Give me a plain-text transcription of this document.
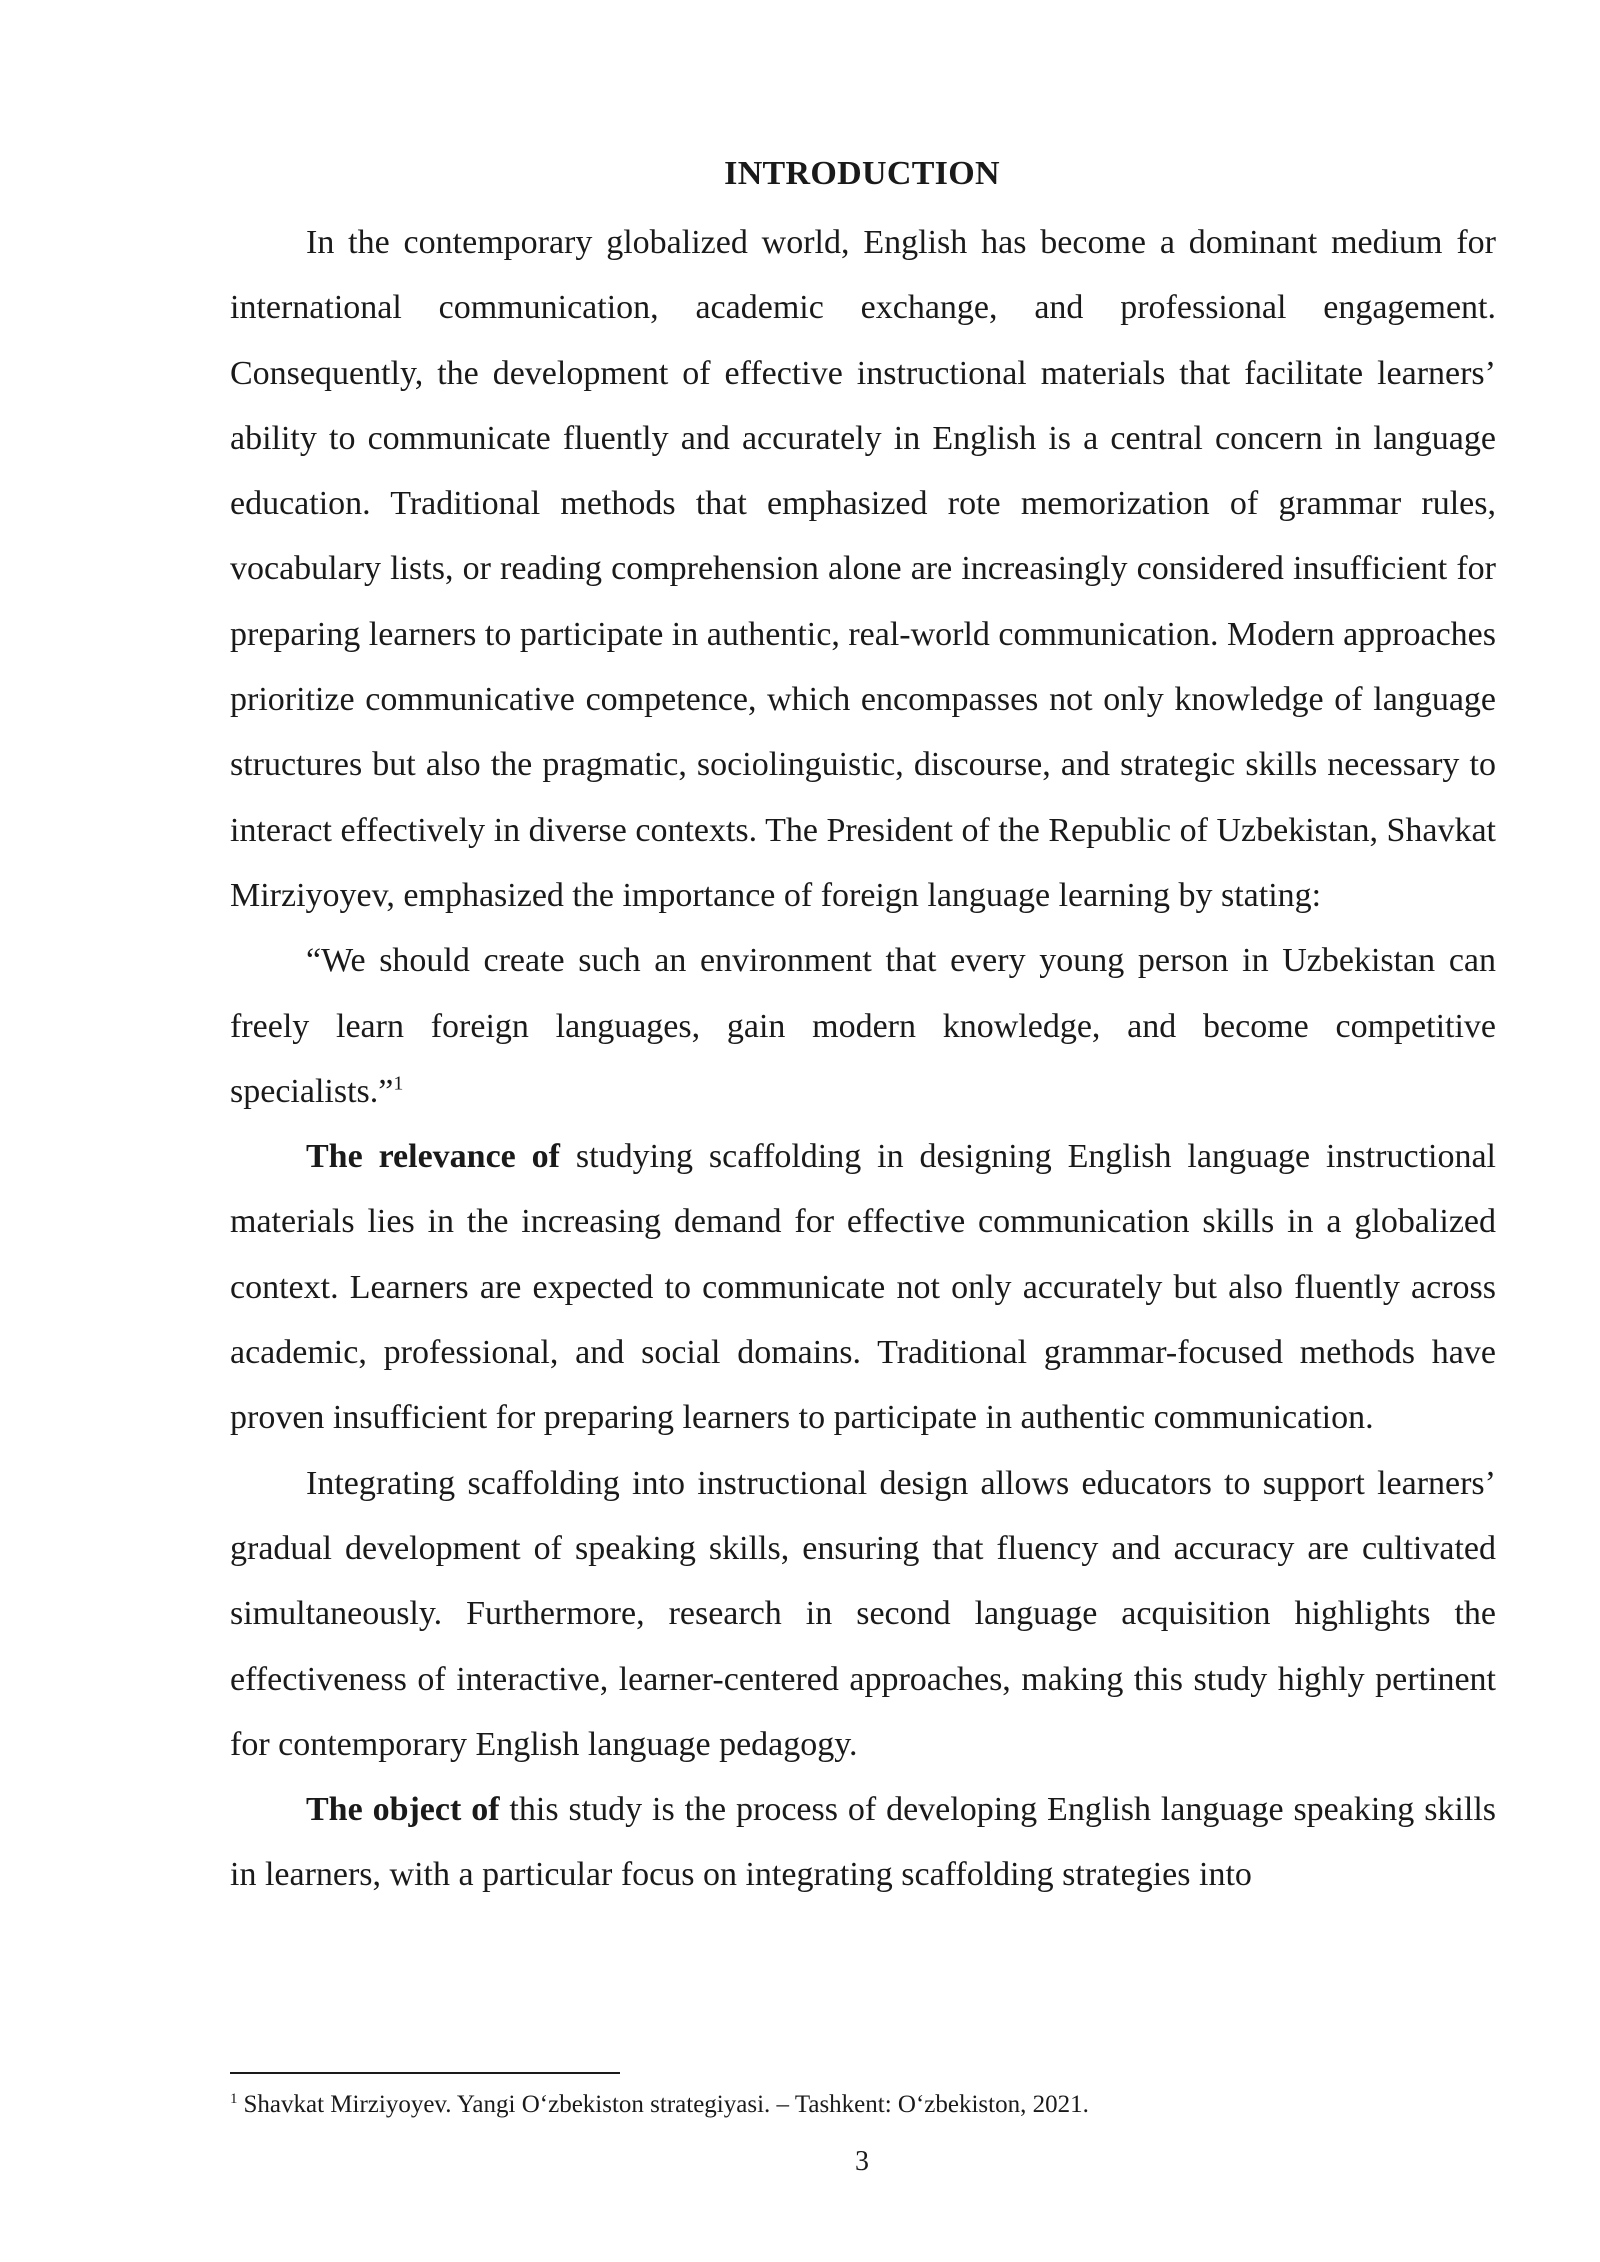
INTRODUCTION

In the contemporary globalized world, English has become a dominant medium for international communication, academic exchange, and professional engagement. Consequently, the development of effective instructional materials that facilitate learners’ ability to communicate fluently and accurately in English is a central concern in language education. Traditional methods that emphasized rote memorization of grammar rules, vocabulary lists, or reading comprehension alone are increasingly considered insufficient for preparing learners to participate in authentic, real-world communication. Modern approaches prioritize communicative competence, which encompasses not only knowledge of language structures but also the pragmatic, sociolinguistic, discourse, and strategic skills necessary to interact effectively in diverse contexts. The President of the Republic of Uzbekistan, Shavkat Mirziyoyev, emphasized the importance of foreign language learning by stating:

“We should create such an environment that every young person in Uzbekistan can freely learn foreign languages, gain modern knowledge, and become competitive specialists.”$^1$

The relevance of studying scaffolding in designing English language instructional materials lies in the increasing demand for effective communication skills in a globalized context. Learners are expected to communicate not only accurately but also fluently across academic, professional, and social domains. Traditional grammar-focused methods have proven insufficient for preparing learners to participate in authentic communication.

Integrating scaffolding into instructional design allows educators to support learners’ gradual development of speaking skills, ensuring that fluency and accuracy are cultivated simultaneously. Furthermore, research in second language acquisition highlights the effectiveness of interactive, learner-centered approaches, making this study highly pertinent for contemporary English language pedagogy.

The object of this study is the process of developing English language speaking skills in learners, with a particular focus on integrating scaffolding strategies into

$^1$ Shavkat Mirziyoyev. Yangi O‘zbekiston strategiyasi. – Tashkent: O‘zbekiston, 2021.
3
